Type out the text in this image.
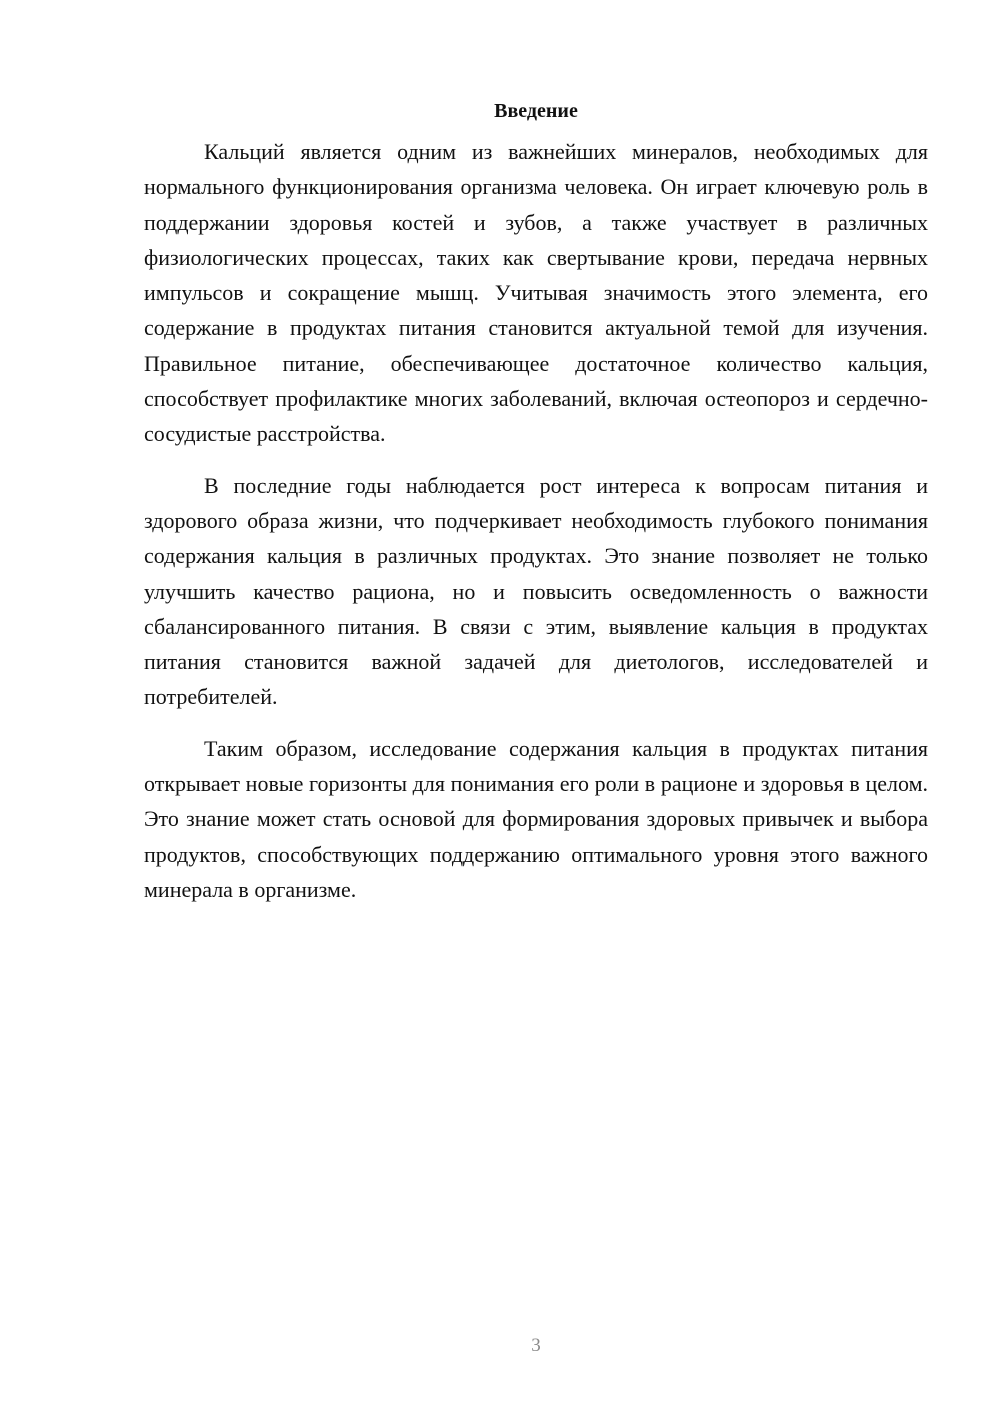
Введение

Кальций является одним из важнейших минералов, необходимых для нормального функционирования организма человека. Он играет ключевую роль в поддержании здоровья костей и зубов, а также участвует в различных физиологических процессах, таких как свертывание крови, передача нервных импульсов и сокращение мышц. Учитывая значимость этого элемента, его содержание в продуктах питания становится актуальной темой для изучения. Правильное питание, обеспечивающее достаточное количество кальция, способствует профилактике многих заболеваний, включая остеопороз и сердечно-сосудистые расстройства.

В последние годы наблюдается рост интереса к вопросам питания и здорового образа жизни, что подчеркивает необходимость глубокого понимания содержания кальция в различных продуктах. Это знание позволяет не только улучшить качество рациона, но и повысить осведомленность о важности сбалансированного питания. В связи с этим, выявление кальция в продуктах питания становится важной задачей для диетологов, исследователей и потребителей.

Таким образом, исследование содержания кальция в продуктах питания открывает новые горизонты для понимания его роли в рационе и здоровья в целом. Это знание может стать основой для формирования здоровых привычек и выбора продуктов, способствующих поддержанию оптимального уровня этого важного минерала в организме.

3
